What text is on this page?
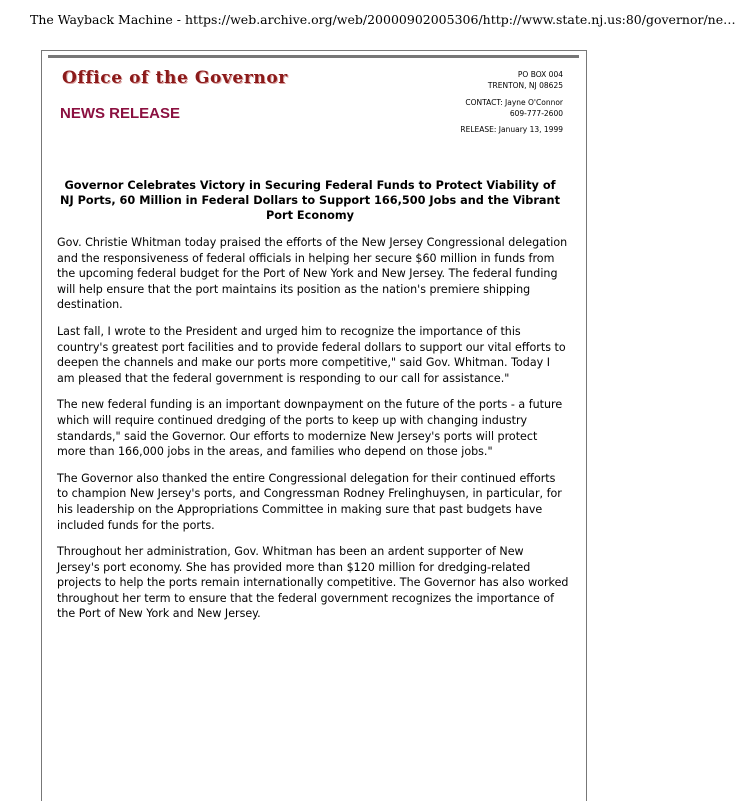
The Wayback Machine - https://web.archive.org/web/20000902005306/http://www.state.nj.us:80/governor/ne…
Office of the Governor
NEWS RELEASE
PO BOX 004
TRENTON, NJ 08625
CONTACT: Jayne O'Connor
609-777-2600
RELEASE: January 13, 1999
Governor Celebrates Victory in Securing Federal Funds to Protect Viability of NJ Ports, 60 Million in Federal Dollars to Support 166,500 Jobs and the Vibrant Port Economy

Gov. Christie Whitman today praised the efforts of the New Jersey Congressional delegation and the responsiveness of federal officials in helping her secure $60 million in funds from the upcoming federal budget for the Port of New York and New Jersey. The federal funding will help ensure that the port maintains its position as the nation's premiere shipping destination.

Last fall, I wrote to the President and urged him to recognize the importance of this country's greatest port facilities and to provide federal dollars to support our vital efforts to deepen the channels and make our ports more competitive," said Gov. Whitman. Today I am pleased that the federal government is responding to our call for assistance."

The new federal funding is an important downpayment on the future of the ports - a future which will require continued dredging of the ports to keep up with changing industry standards," said the Governor. Our efforts to modernize New Jersey's ports will protect more than 166,000 jobs in the areas, and families who depend on those jobs."

The Governor also thanked the entire Congressional delegation for their continued efforts to champion New Jersey's ports, and Congressman Rodney Frelinghuysen, in particular, for his leadership on the Appropriations Committee in making sure that past budgets have included funds for the ports.

Throughout her administration, Gov. Whitman has been an ardent supporter of New Jersey's port economy. She has provided more than $120 million for dredging-related projects to help the ports remain internationally competitive. The Governor has also worked throughout her term to ensure that the federal government recognizes the importance of the Port of New York and New Jersey.
